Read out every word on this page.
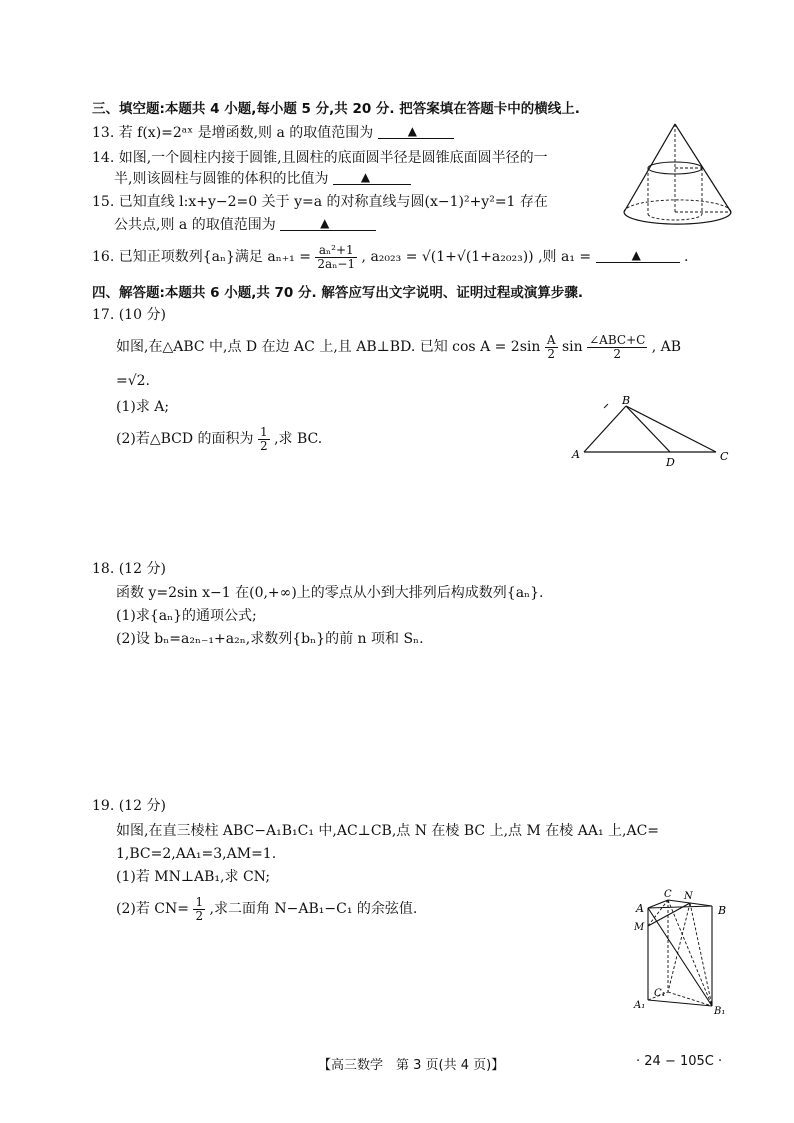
三、填空题:本题共 4 小题,每小题 5 分,共 20 分. 把答案填在答题卡中的横线上.
13. 若 f(x)=2ᵃˣ 是增函数,则 a 的取值范围为	▲
14. 如图,一个圆柱内接于圆锥,且圆柱的底面圆半径是圆锥底面圆半径的一
半,则该圆柱与圆锥的体积的比值为	▲
15. 已知直线 l:x+y−2=0 关于 y=a 的对称直线与圆(x−1)²+y²=1 存在
公共点,则 a 的取值范围为	▲
16. 已知正项数列{aₙ}满足 $a_{n+1} = \frac{\text{aₙ²+1}}{\text{2aₙ−1}}$ , a₂₀₂₃ = √(1+√(1+a₂₀₂₃)) ,则 a₁ =	▲	.
四、解答题:本题共 6 小题,共 70 分. 解答应写出文字说明、证明过程或演算步骤.
17. (10 分)
如图,在△ABC 中,点 D 在边 AC 上,且 AB⊥BD. 已知 $\cos A = 2\sin \frac{A}{2}$ $\sin \frac{\text{∠ABC+C}}{2}$ , AB
=√2.
(1)求 A;
(2)若△BCD 的面积为 $\frac{1}{2}$ ,求 BC.
B
A
D	C
18. (12 分)
函数 y=2sin x−1 在(0,+∞)上的零点从小到大排列后构成数列{aₙ}.
(1)求{aₙ}的通项公式;
(2)设 bₙ=a₂ₙ₋₁+a₂ₙ,求数列{bₙ}的前 n 项和 Sₙ.
19. (12 分)
如图,在直三棱柱 ABC−A₁B₁C₁ 中,AC⊥CB,点 N 在棱 BC 上,点 M 在棱 AA₁ 上,AC=
1,BC=2,AA₁=3,AM=1.
(1)若 MN⊥AB₁,求 CN;
(2)若 $CN= \frac{1}{2}$ ,求二面角 N−AB₁−C₁ 的余弦值.	A
C N
B
M
C₁
A₁
B₁
【高三数学　第 3 页(共 4 页)】	· 24 − 105C ·
